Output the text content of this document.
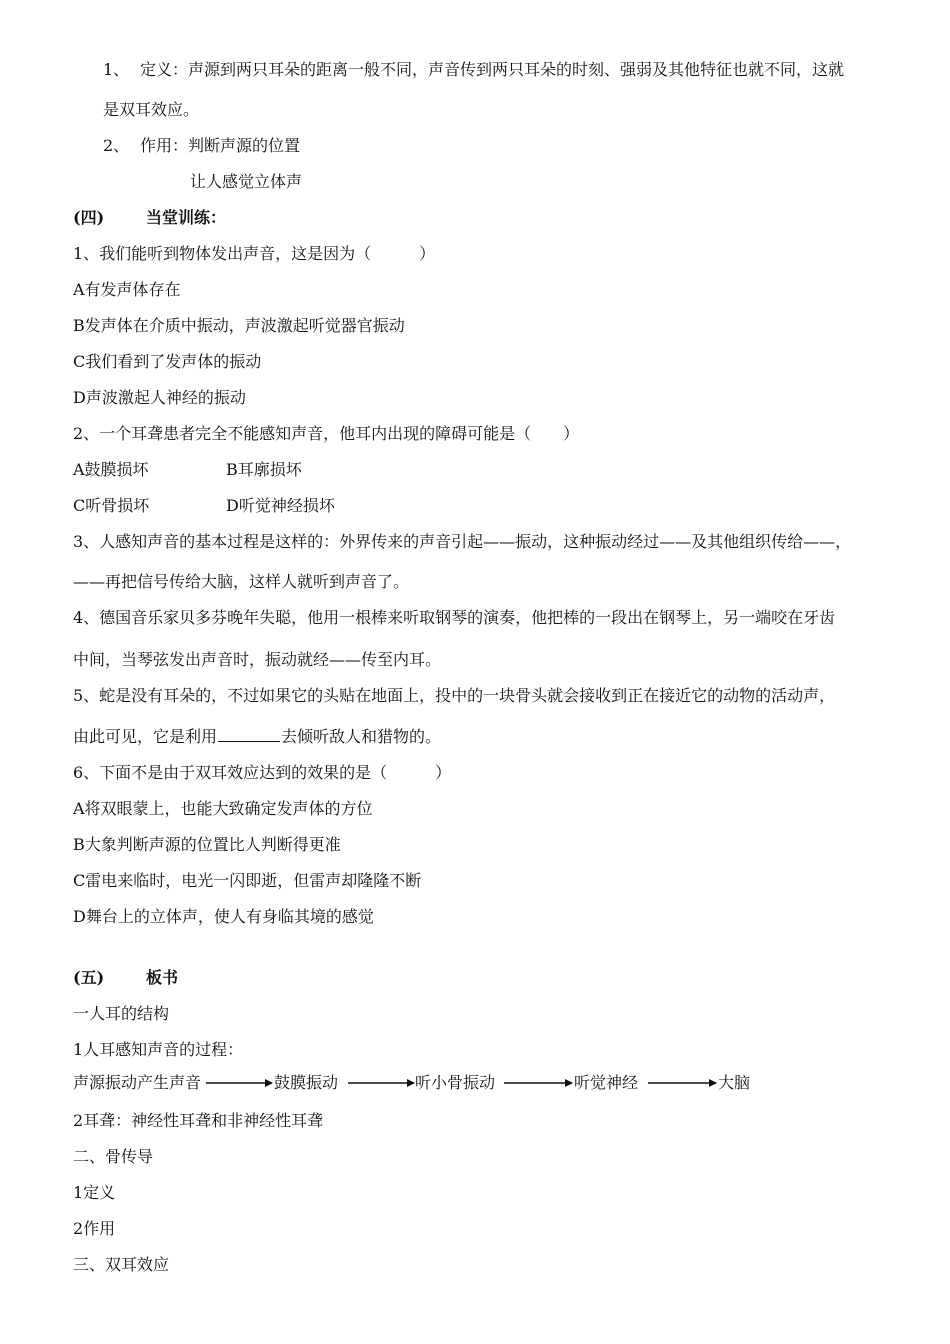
1、 定义：声源到两只耳朵的距离一般不同，声音传到两只耳朵的时刻、强弱及其他特征也就不同，这就
是双耳效应。
2、 作用：判断声源的位置
让人感觉立体声
(四)	当堂训练：
1、我们能听到物体发出声音，这是因为（　　　）
A有发声体存在
B发声体在介质中振动，声波激起听觉器官振动
C我们看到了发声体的振动
D声波激起人神经的振动
2、一个耳聋患者完全不能感知声音，他耳内出现的障碍可能是（　　）
A鼓膜损坏	B耳廓损坏
C听骨损坏	D听觉神经损坏
3、人感知声音的基本过程是这样的：外界传来的声音引起——振动，这种振动经过——及其他组织传给——，
——再把信号传给大脑，这样人就听到声音了。
4、德国音乐家贝多芬晚年失聪，他用一根棒来听取钢琴的演奏，他把棒的一段出在钢琴上，另一端咬在牙齿
中间，当琴弦发出声音时，振动就经——传至内耳。
5、蛇是没有耳朵的，不过如果它的头贴在地面上，投中的一块骨头就会接收到正在接近它的动物的活动声，
由此可见，它是利用	去倾听敌人和猎物的。
6、下面不是由于双耳效应达到的效果的是（　　　）
A将双眼蒙上，也能大致确定发声体的方位
B大象判断声源的位置比人判断得更准
C雷电来临时，电光一闪即逝，但雷声却隆隆不断
D舞台上的立体声，使人有身临其境的感觉
(五)	板书
一人耳的结构
1人耳感知声音的过程：
声源振动产生声音	鼓膜振动	听小骨振动	听觉神经	大脑
2耳聋：神经性耳聋和非神经性耳聋
二、骨传导
1定义
2作用
三、双耳效应
